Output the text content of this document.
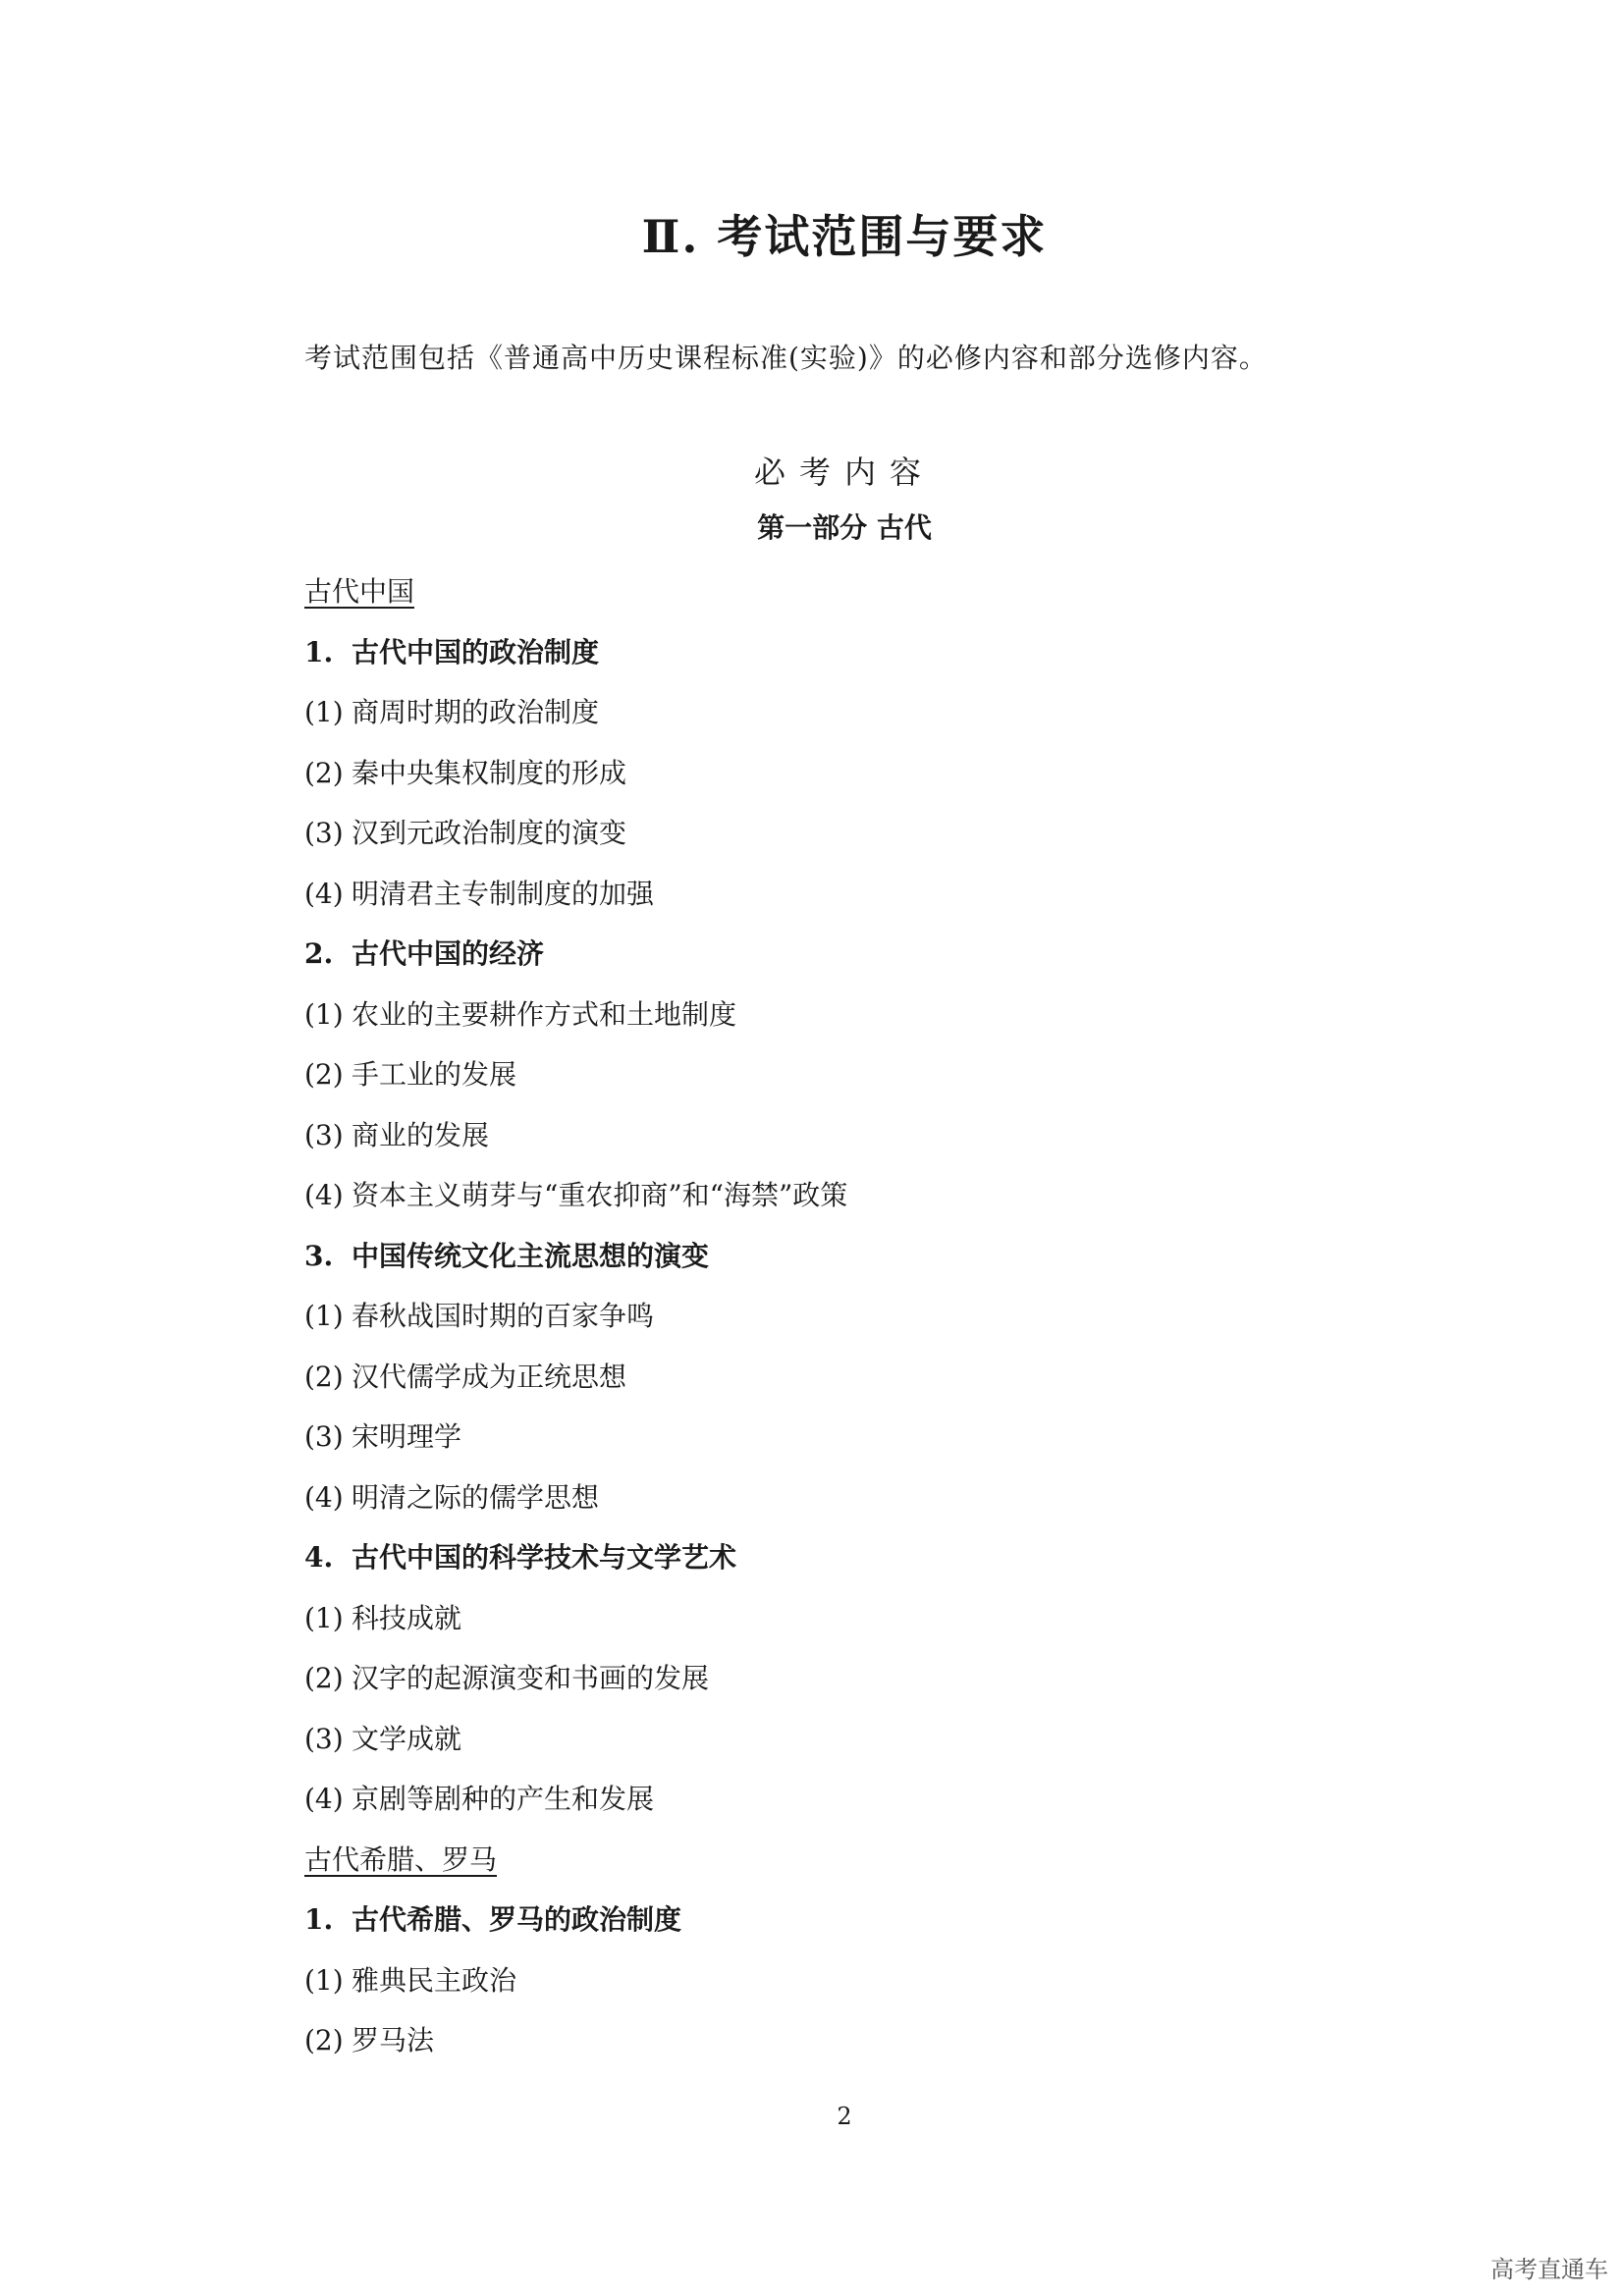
Ⅱ. 考试范围与要求
考试范围包括《普通高中历史课程标准(实验)》的必修内容和部分选修内容。
必考内容
第一部分 古代
古代中国
1. 古代中国的政治制度
(1) 商周时期的政治制度
(2) 秦中央集权制度的形成
(3) 汉到元政治制度的演变
(4) 明清君主专制制度的加强
2. 古代中国的经济
(1) 农业的主要耕作方式和土地制度
(2) 手工业的发展
(3) 商业的发展
(4) 资本主义萌芽与“重农抑商”和“海禁”政策
3. 中国传统文化主流思想的演变
(1) 春秋战国时期的百家争鸣
(2) 汉代儒学成为正统思想
(3) 宋明理学
(4) 明清之际的儒学思想
4. 古代中国的科学技术与文学艺术
(1) 科技成就
(2) 汉字的起源演变和书画的发展
(3) 文学成就
(4) 京剧等剧种的产生和发展
古代希腊、罗马
1. 古代希腊、罗马的政治制度
(1) 雅典民主政治
(2) 罗马法
2
高考直通车
